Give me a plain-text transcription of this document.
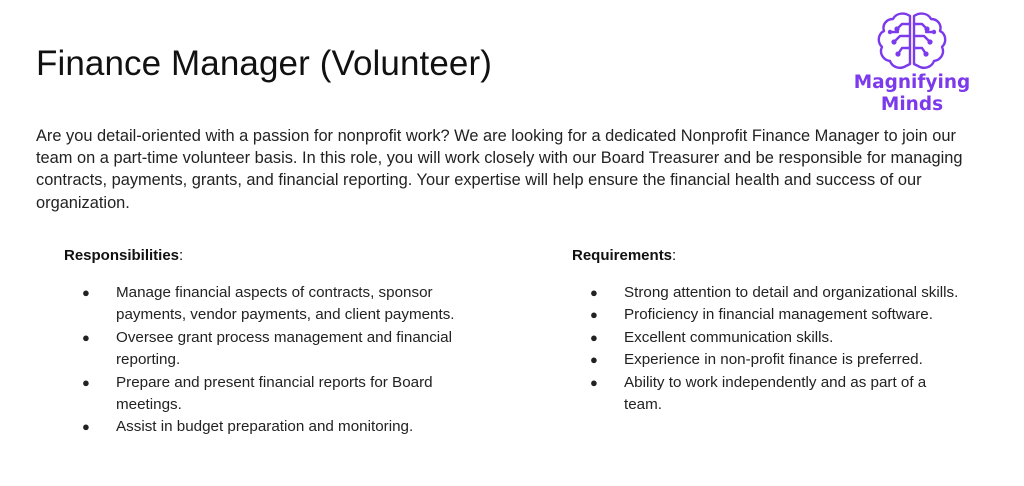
Finance Manager (Volunteer)	Magnifying
Minds

Are you detail-oriented with a passion for nonprofit work? We are looking for a dedicated Nonprofit Finance Manager to join our team on a part-time volunteer basis. In this role, you will work closely with our Board Treasurer and be responsible for managing contracts, payments, grants, and financial reporting. Your expertise will help ensure the financial health and success of our organization.

Responsibilities:
● Manage financial aspects of contracts, sponsor payments, vendor payments, and client payments.
● Oversee grant process management and financial reporting.
● Prepare and present financial reports for Board meetings.
● Assist in budget preparation and monitoring.
Requirements:
● Strong attention to detail and organizational skills.
● Proficiency in financial management software.
● Excellent communication skills.
● Experience in non-profit finance is preferred.
● Ability to work independently and as part of a team.
